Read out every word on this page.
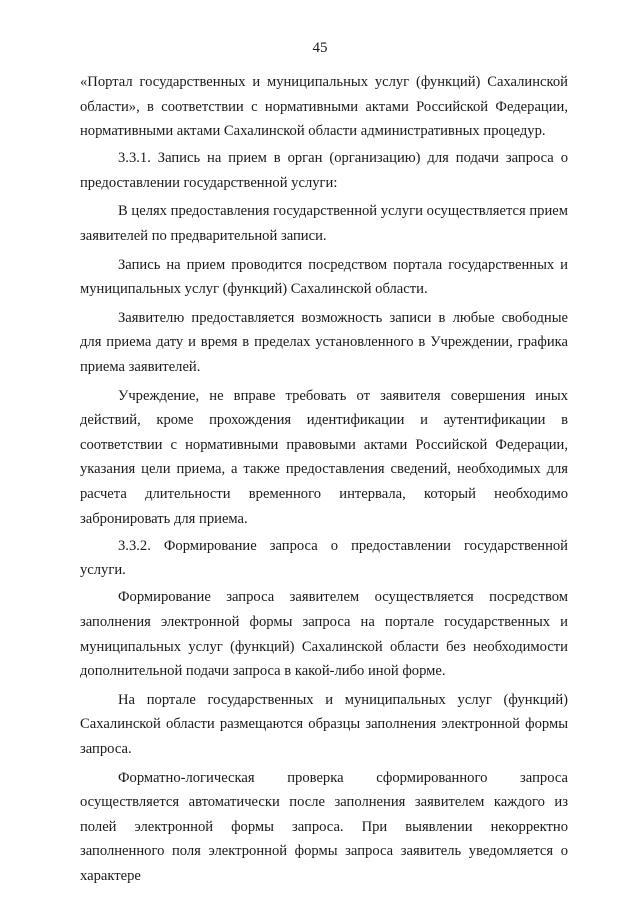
45

«Портал государственных и муниципальных услуг (функций) Сахалинской области», в соответствии с нормативными актами Российской Федерации, нормативными актами Сахалинской области административных процедур.

3.3.1. Запись на прием в орган (организацию) для подачи запроса о предоставлении государственной услуги:

В целях предоставления государственной услуги осуществляется прием заявителей по предварительной записи.

Запись на прием проводится посредством портала государственных и муниципальных услуг (функций) Сахалинской области.

Заявителю предоставляется возможность записи в любые свободные для приема дату и время в пределах установленного в Учреждении, графика приема заявителей.

Учреждение, не вправе требовать от заявителя совершения иных действий, кроме прохождения идентификации и аутентификации в соответствии с нормативными правовыми актами Российской Федерации, указания цели приема, а также предоставления сведений, необходимых для расчета длительности временного интервала, который необходимо забронировать для приема.

3.3.2. Формирование запроса о предоставлении государственной услуги.

Формирование запроса заявителем осуществляется посредством заполнения электронной формы запроса на портале государственных и муниципальных услуг (функций) Сахалинской области без необходимости дополнительной подачи запроса в какой-либо иной форме.

На портале государственных и муниципальных услуг (функций) Сахалинской области размещаются образцы заполнения электронной формы запроса.

Форматно-логическая проверка сформированного запроса осуществляется автоматически после заполнения заявителем каждого из полей электронной формы запроса. При выявлении некорректно заполненного поля электронной формы запроса заявитель уведомляется о характере
